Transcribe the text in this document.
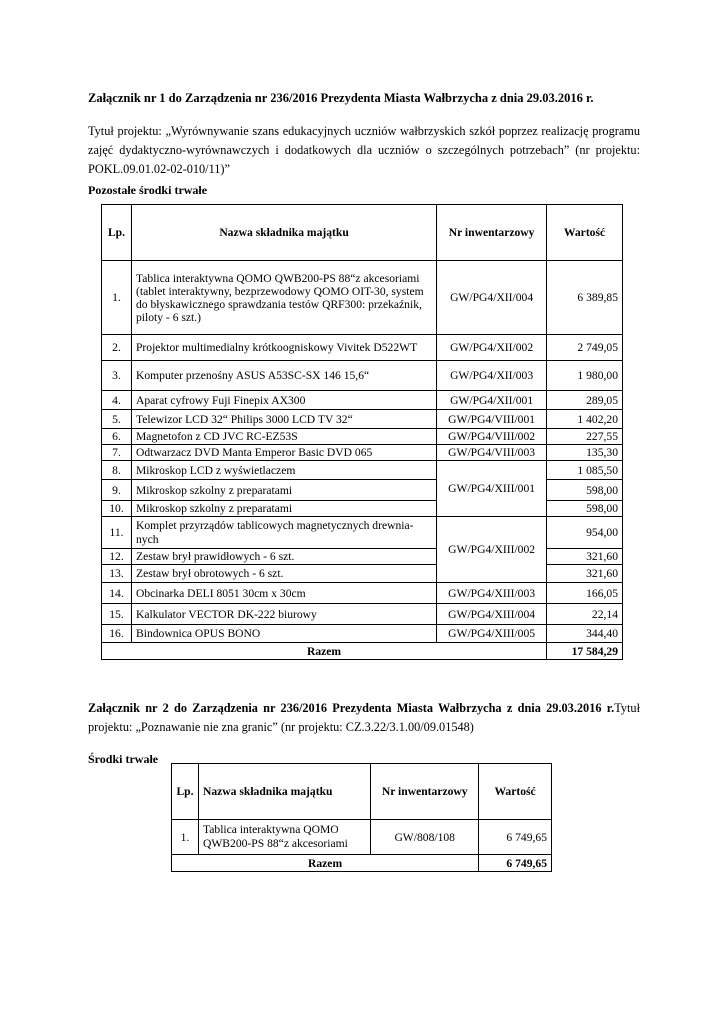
Załącznik nr 1 do Zarządzenia nr 236/2016 Prezydenta Miasta Wałbrzycha z dnia 29.03.2016 r.

Tytuł projektu: „Wyrównywanie szans edukacyjnych uczniów wałbrzyskich szkół poprzez realizację programu zajęć dydaktyczno-wyrównawczych i dodatkowych dla uczniów o szczególnych potrzebach” (nr projektu: POKL.09.01.02-02-010/11)”

Pozostałe środki trwałe

Lp.	Nazwa składnika majątku	Nr inwentarzowy	Wartość
1.	Tablica interaktywna QOMO QWB200-PS 88“z akcesoriami (tablet interaktywny, bezprzewodowy QOMO OIT-30, system do błyskawicznego sprawdzania testów QRF300: przekaźnik, piloty - 6 szt.)	GW/PG4/XII/004	6 389,85
2.	Projektor multimedialny krótkoogniskowy Vivitek D522WT	GW/PG4/XII/002	2 749,05
3.	Komputer przenośny ASUS A53SC-SX 146 15,6“	GW/PG4/XII/003	1 980,00
4.	Aparat cyfrowy Fuji Finepix AX300	GW/PG4/XII/001	289,05
5.	Telewizor LCD 32“ Philips 3000 LCD TV 32“	GW/PG4/VIII/001	1 402,20
6.	Magnetofon z CD JVC RC-EZ53S	GW/PG4/VIII/002	227,55
7.	Odtwarzacz DVD Manta Emperor Basic DVD 065	GW/PG4/VIII/003	135,30
8.	Mikroskop LCD z wyświetlaczem	GW/PG4/XIII/001	1 085,50
9.	Mikroskop szkolny z preparatami		598,00
10.	Mikroskop szkolny z preparatami		598,00
11.	Komplet przyrządów tablicowych magnetycznych drewnia-nych	GW/PG4/XIII/002	954,00
12.	Zestaw brył prawidłowych - 6 szt.		321,60
13.	Zestaw brył obrotowych - 6 szt.		321,60
14.	Obcinarka DELI 8051 30cm x 30cm	GW/PG4/XIII/003	166,05
15.	Kalkulator VECTOR DK-222 biurowy	GW/PG4/XIII/004	22,14
16.	Bindownica OPUS BONO	GW/PG4/XIII/005	344,40
Razem			17 584,29

Załącznik nr 2 do Zarządzenia nr 236/2016 Prezydenta Miasta Wałbrzycha z dnia 29.03.2016 r.Tytuł projektu: „Poznawanie nie zna granic” (nr projektu: CZ.3.22/3.1.00/09.01548)

Środki trwałe

Lp.	Nazwa składnika majątku	Nr inwentarzowy	Wartość
1.	Tablica interaktywna QOMO QWB200-PS 88“z akcesoriami	GW/808/108	6 749,65
Razem			6 749,65
